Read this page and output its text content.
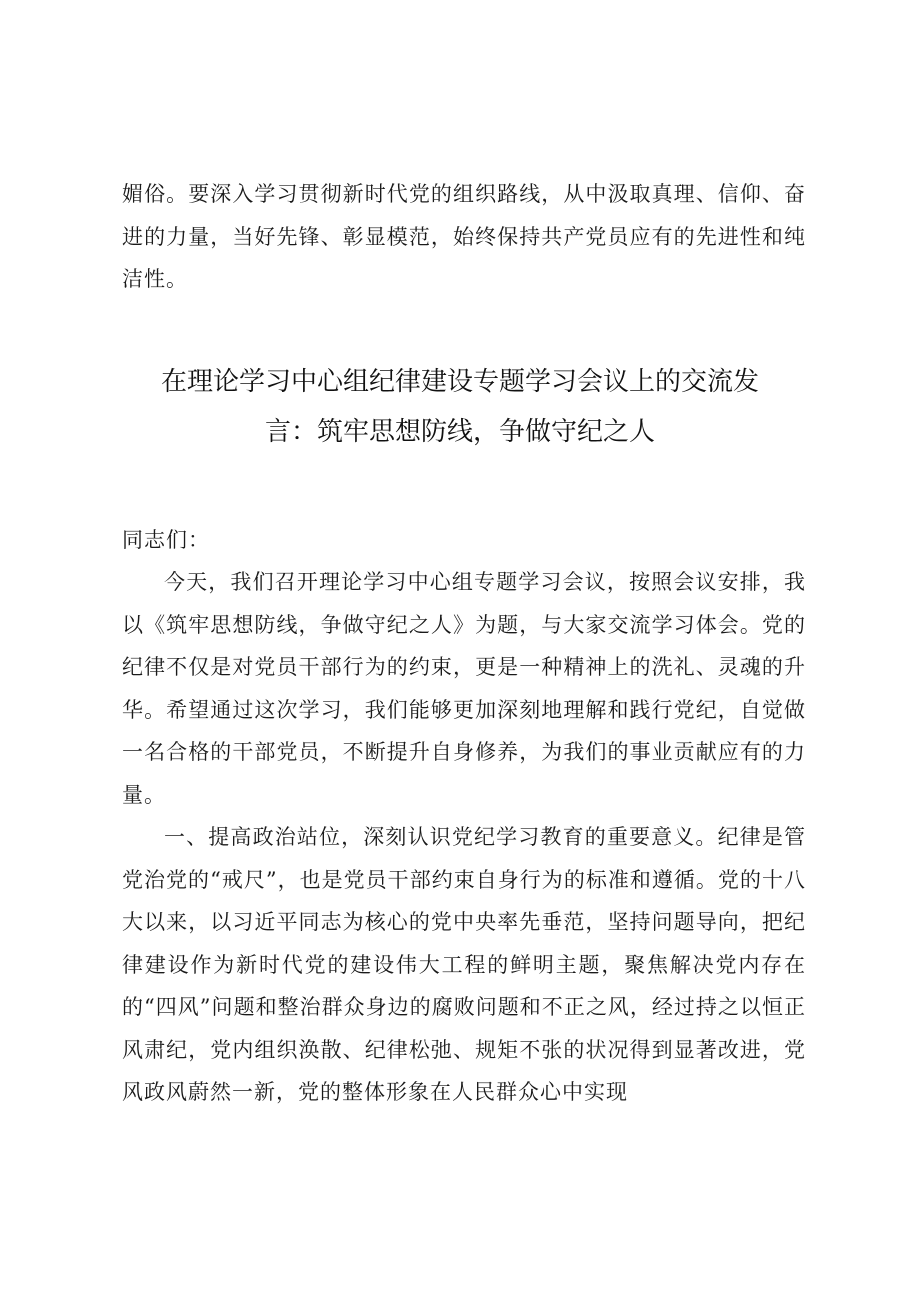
媚俗。要深入学习贯彻新时代党的组织路线，从中汲取真理、信仰、奋进的力量，当好先锋、彰显模范，始终保持共产党员应有的先进性和纯洁性。

在理论学习中心组纪律建设专题学习会议上的交流发
言：筑牢思想防线，争做守纪之人

同志们：

今天，我们召开理论学习中心组专题学习会议，按照会议安排，我以《筑牢思想防线，争做守纪之人》为题，与大家交流学习体会。党的纪律不仅是对党员干部行为的约束，更是一种精神上的洗礼、灵魂的升华。希望通过这次学习，我们能够更加深刻地理解和践行党纪，自觉做一名合格的干部党员，不断提升自身修养，为我们的事业贡献应有的力量。

一、提高政治站位，深刻认识党纪学习教育的重要意义。纪律是管党治党的“戒尺”，也是党员干部约束自身行为的标准和遵循。党的十八大以来，以习近平同志为核心的党中央率先垂范，坚持问题导向，把纪律建设作为新时代党的建设伟大工程的鲜明主题，聚焦解决党内存在的“四风”问题和整治群众身边的腐败问题和不正之风，经过持之以恒正风肃纪，党内组织涣散、纪律松弛、规矩不张的状况得到显著改进，党风政风蔚然一新，党的整体形象在人民群众心中实现
